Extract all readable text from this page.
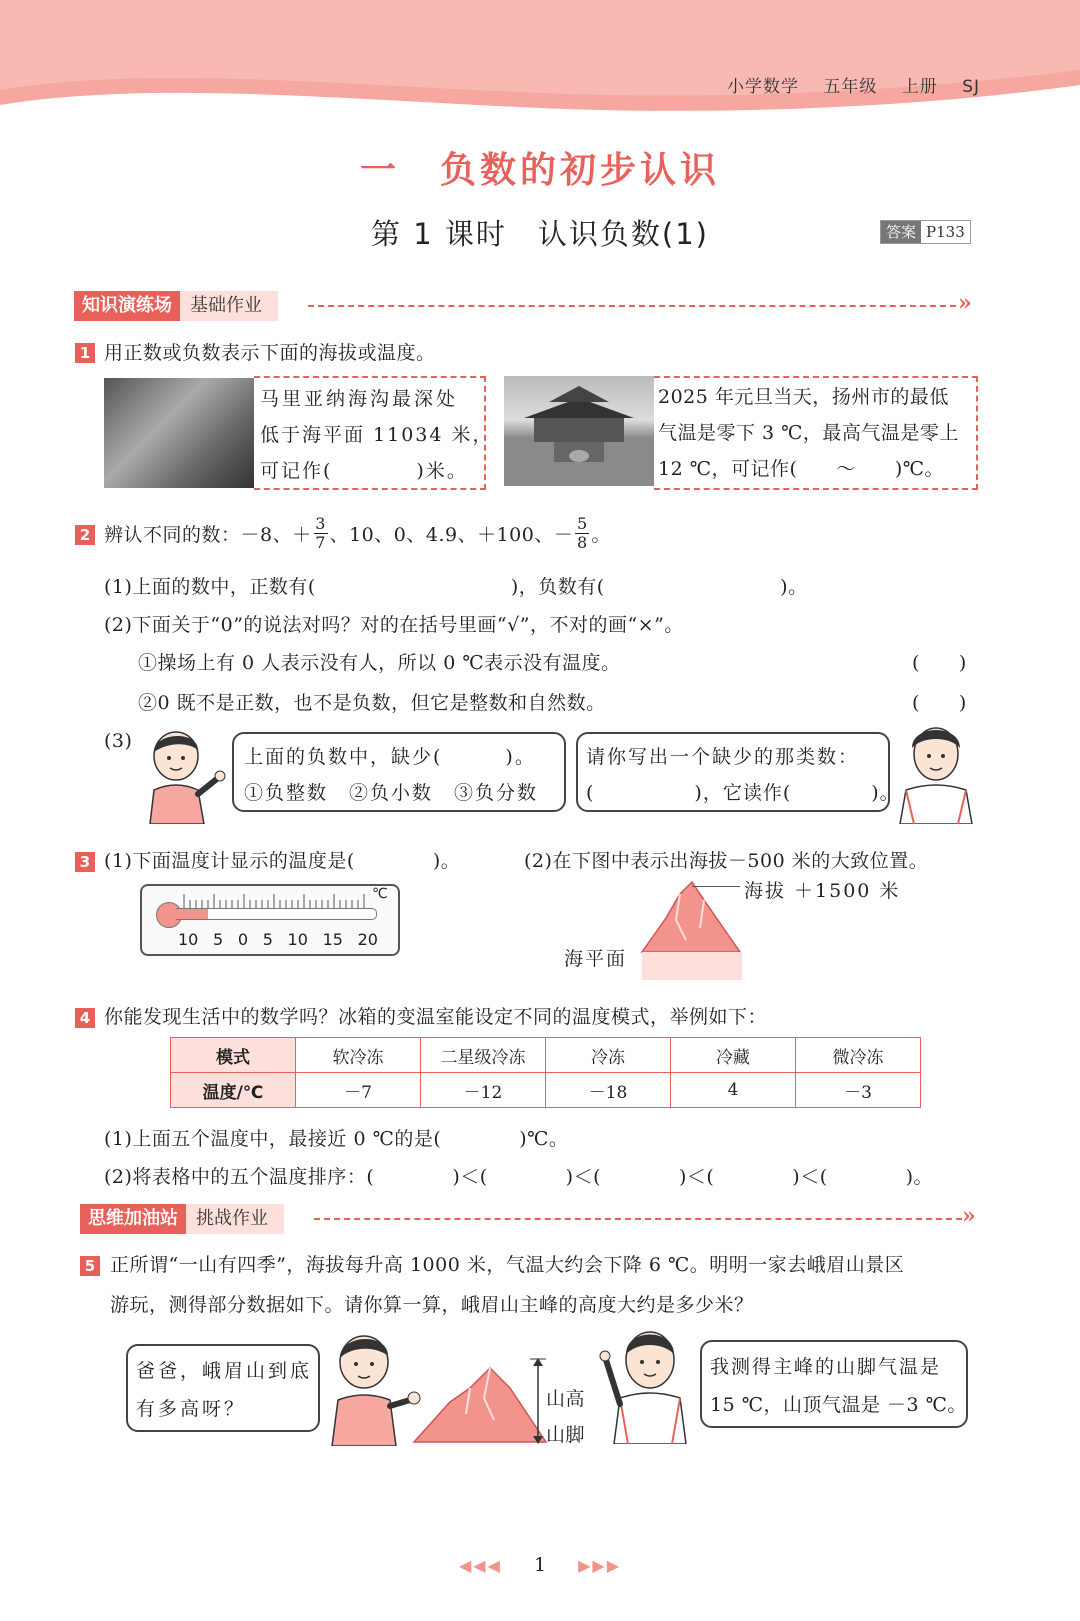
小学数学 五年级 上册 SJ
一　负数的初步认识
第 1 课时　认识负数(1)	答案 P133
知识演练场 基础作业	»
1 用正数或负数表示下面的海拔或温度。
马里亚纳海沟最深处
低于海平面 11034 米，
可记作(　　　　)米。
2025 年元旦当天，扬州市的最低
气温是零下 3 ℃，最高气温是零上
12 ℃，可记作(　　～　　)℃。
2 辨认不同的数：－8、＋
3
7 、10、0、4.9、＋100、－
5
8 。
(1)上面的数中，正数有(　　　　　　　　　　)，负数有(　　　　　　　　　)。
(2)下面关于“0”的说法对吗？对的在括号里画“√”，不对的画“×”。
①操场上有 0 人表示没有人，所以 0 ℃表示没有温度。	(　　)
②0 既不是正数，也不是负数，但它是整数和自然数。	(　　)
(3)
上面的负数中，缺少(　　　)。
①负整数　②负小数　③负分数
请你写出一个缺少的那类数：
(　　　　　)，它读作(　　　　)。
3 (1)下面温度计显示的温度是(　　　　)。	(2)在下图中表示出海拔－500 米的大致位置。
℃
10 5 0 5 10 15 20
海拔 ＋1500 米
海平面
4 你能发现生活中的数学吗？冰箱的变温室能设定不同的温度模式，举例如下：
模式	软冷冻	二星级冷冻	冷冻	冷藏	微冷冻
温度/℃	－7	－12	－18	4	－3
(1)上面五个温度中，最接近 0 ℃的是(　　　　)℃。
(2)将表格中的五个温度排序：(　　　　)＜(　　　　)＜(　　　　)＜(　　　　)＜(　　　　)。
思维加油站 挑战作业	»
5 正所谓“一山有四季”，海拔每升高 1000 米，气温大约会下降 6 ℃。明明一家去峨眉山景区
游玩，测得部分数据如下。请你算一算，峨眉山主峰的高度大约是多少米？
爸爸，峨眉山到底
有多高呀？	山高
山脚
我测得主峰的山脚气温是
15 ℃，山顶气温是 －3 ℃。
◀◀◀ 1 ▶▶▶
